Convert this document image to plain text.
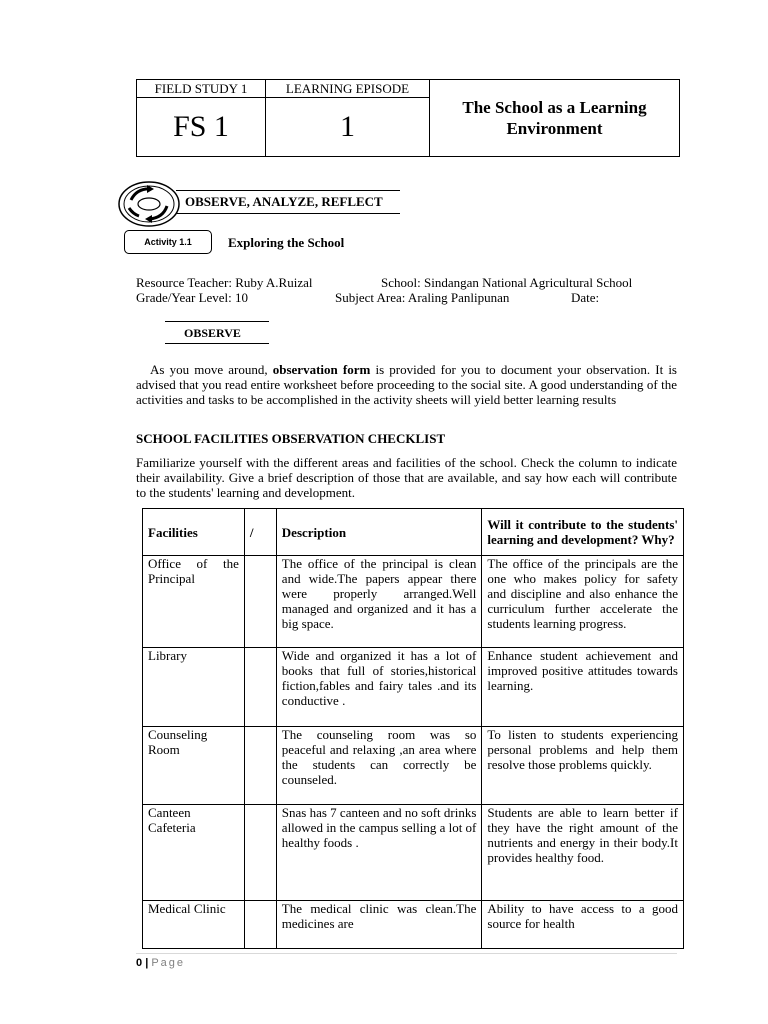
FIELD STUDY 1	LEARNING EPISODE	The School as a Learning
Environment
FS 1	1	
OBSERVE, ANALYZE, REFLECT
Activity 1.1	Exploring the School
Resource Teacher: Ruby A.Ruizal	School: Sindangan National Agricultural School
Grade/Year Level: 10	Subject Area: Araling Panlipunan	Date:
OBSERVE
As you move around, observation form is provided for you to document your observation. It is advised that you read entire worksheet before proceeding to the social site. A good understanding of the activities and tasks to be accomplished in the activity sheets will yield better learning results
SCHOOL FACILITIES OBSERVATION CHECKLIST
Familiarize yourself with the different areas and facilities of the school. Check the column to indicate their availability. Give a brief description of those that are available, and say how each will contribute to the students' learning and development.
Facilities	/	Description	Will it contribute to the students' learning and development? Why?
Office of the Principal		The office of the principal is clean and wide.The papers appear there were properly arranged.Well managed and organized and it has a big space.	The office of the principals are the one who makes policy for safety and discipline and also enhance the curriculum further accelerate the students learning progress.
Library		Wide and organized it has a lot of books that full of stories,historical fiction,fables and fairy tales .and its conductive .	Enhance student achievement and improved positive attitudes towards learning.
Counseling Room		The counseling room was so peaceful and relaxing ,an area where the students can correctly be counseled.	To listen to students experiencing personal problems and help them resolve those problems quickly.
Canteen Cafeteria		Snas has 7 canteen and no soft drinks allowed in the campus selling a lot of healthy foods .	Students are able to learn better if they have the right amount of the nutrients and energy in their body.It provides healthy food.
Medical Clinic		The medical clinic was clean.The medicines are	Ability to have access to a good source for health
0 | Page
